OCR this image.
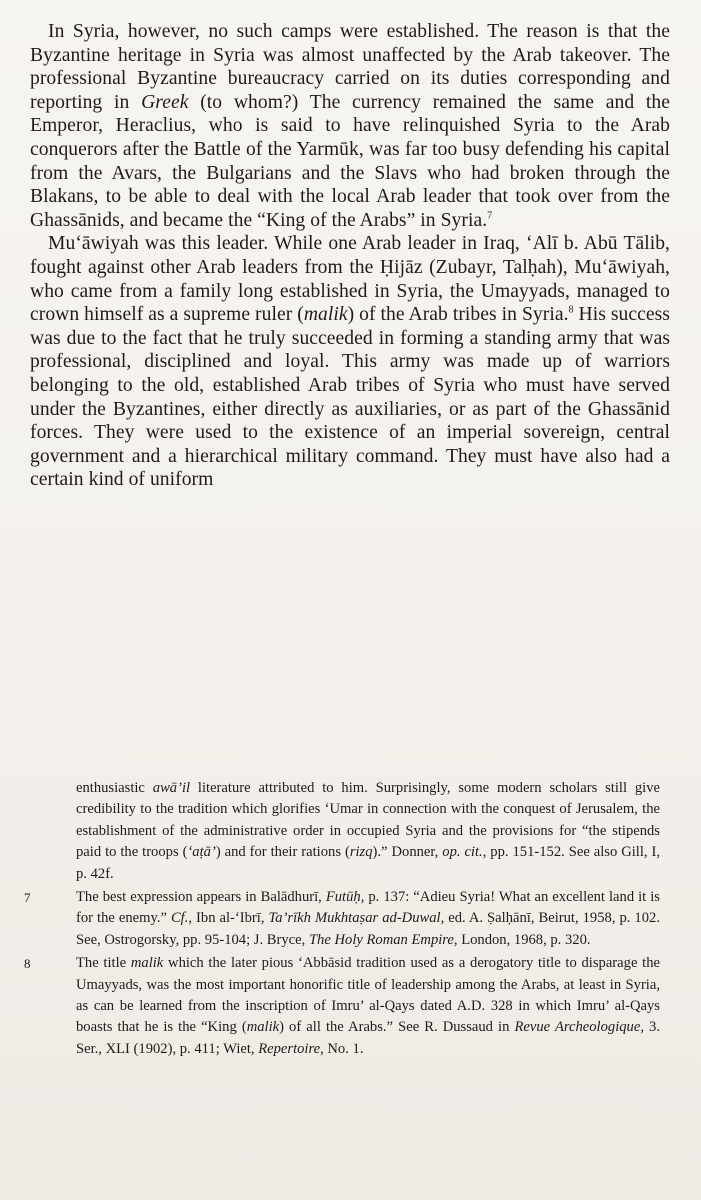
In Syria, however, no such camps were established. The reason is that the Byzantine heritage in Syria was almost unaffected by the Arab takeover. The professional Byzantine bureaucracy carried on its duties corresponding and reporting in Greek (to whom?) The currency remained the same and the Emperor, Heraclius, who is said to have relinquished Syria to the Arab conquerors after the Battle of the Yarmūk, was far too busy defending his capital from the Avars, the Bulgarians and the Slavs who had broken through the Blakans, to be able to deal with the local Arab leader that took over from the Ghassānids, and became the “King of the Arabs” in Syria.$^7$

Mu‘āwiyah was this leader. While one Arab leader in Iraq, ‘Alī b. Abū Tālib, fought against other Arab leaders from the Ḥijāz (Zubayr, Talḥah), Mu‘āwiyah, who came from a family long established in Syria, the Umayyads, managed to crown himself as a supreme ruler (malik) of the Arab tribes in Syria.$^8$ His success was due to the fact that he truly succeeded in forming a standing army that was professional, disciplined and loyal. This army was made up of warriors belonging to the old, established Arab tribes of Syria who must have served under the Byzantines, either directly as auxiliaries, or as part of the Ghassānid forces. They were used to the existence of an imperial sovereign, central government and a hierarchical military command. They must have also had a certain kind of uniform

enthusiastic awā’il literature attributed to him. Surprisingly, some modern scholars still give credibility to the tradition which glorifies ‘Umar in connection with the conquest of Jerusalem, the establishment of the administrative order in occupied Syria and the provisions for “the stipends paid to the troops (‘aṭā’) and for their rations (rizq).” Donner, op. cit., pp. 151-152. See also Gill, I, p. 42f.
7	The best expression appears in Balādhurī, Futūḥ, p. 137: “Adieu Syria! What an excellent land it is for the enemy.” Cf., Ibn al-‘Ibrī, Ta’rīkh Mukhtaṣar ad-Duwal, ed. A. Ṣalḥānī, Beirut, 1958, p. 102. See, Ostrogorsky, pp. 95-104; J. Bryce, The Holy Roman Empire, London, 1968, p. 320.
8	The title malik which the later pious ‘Abbāsid tradition used as a derogatory title to disparage the Umayyads, was the most important honorific title of leadership among the Arabs, at least in Syria, as can be learned from the inscription of Imru’ al-Qays dated A.D. 328 in which Imru’ al-Qays boasts that he is the “King (malik) of all the Arabs.” See R. Dussaud in Revue Archeologique, 3. Ser., XLI (1902), p. 411; Wiet, Repertoire, No. 1.
